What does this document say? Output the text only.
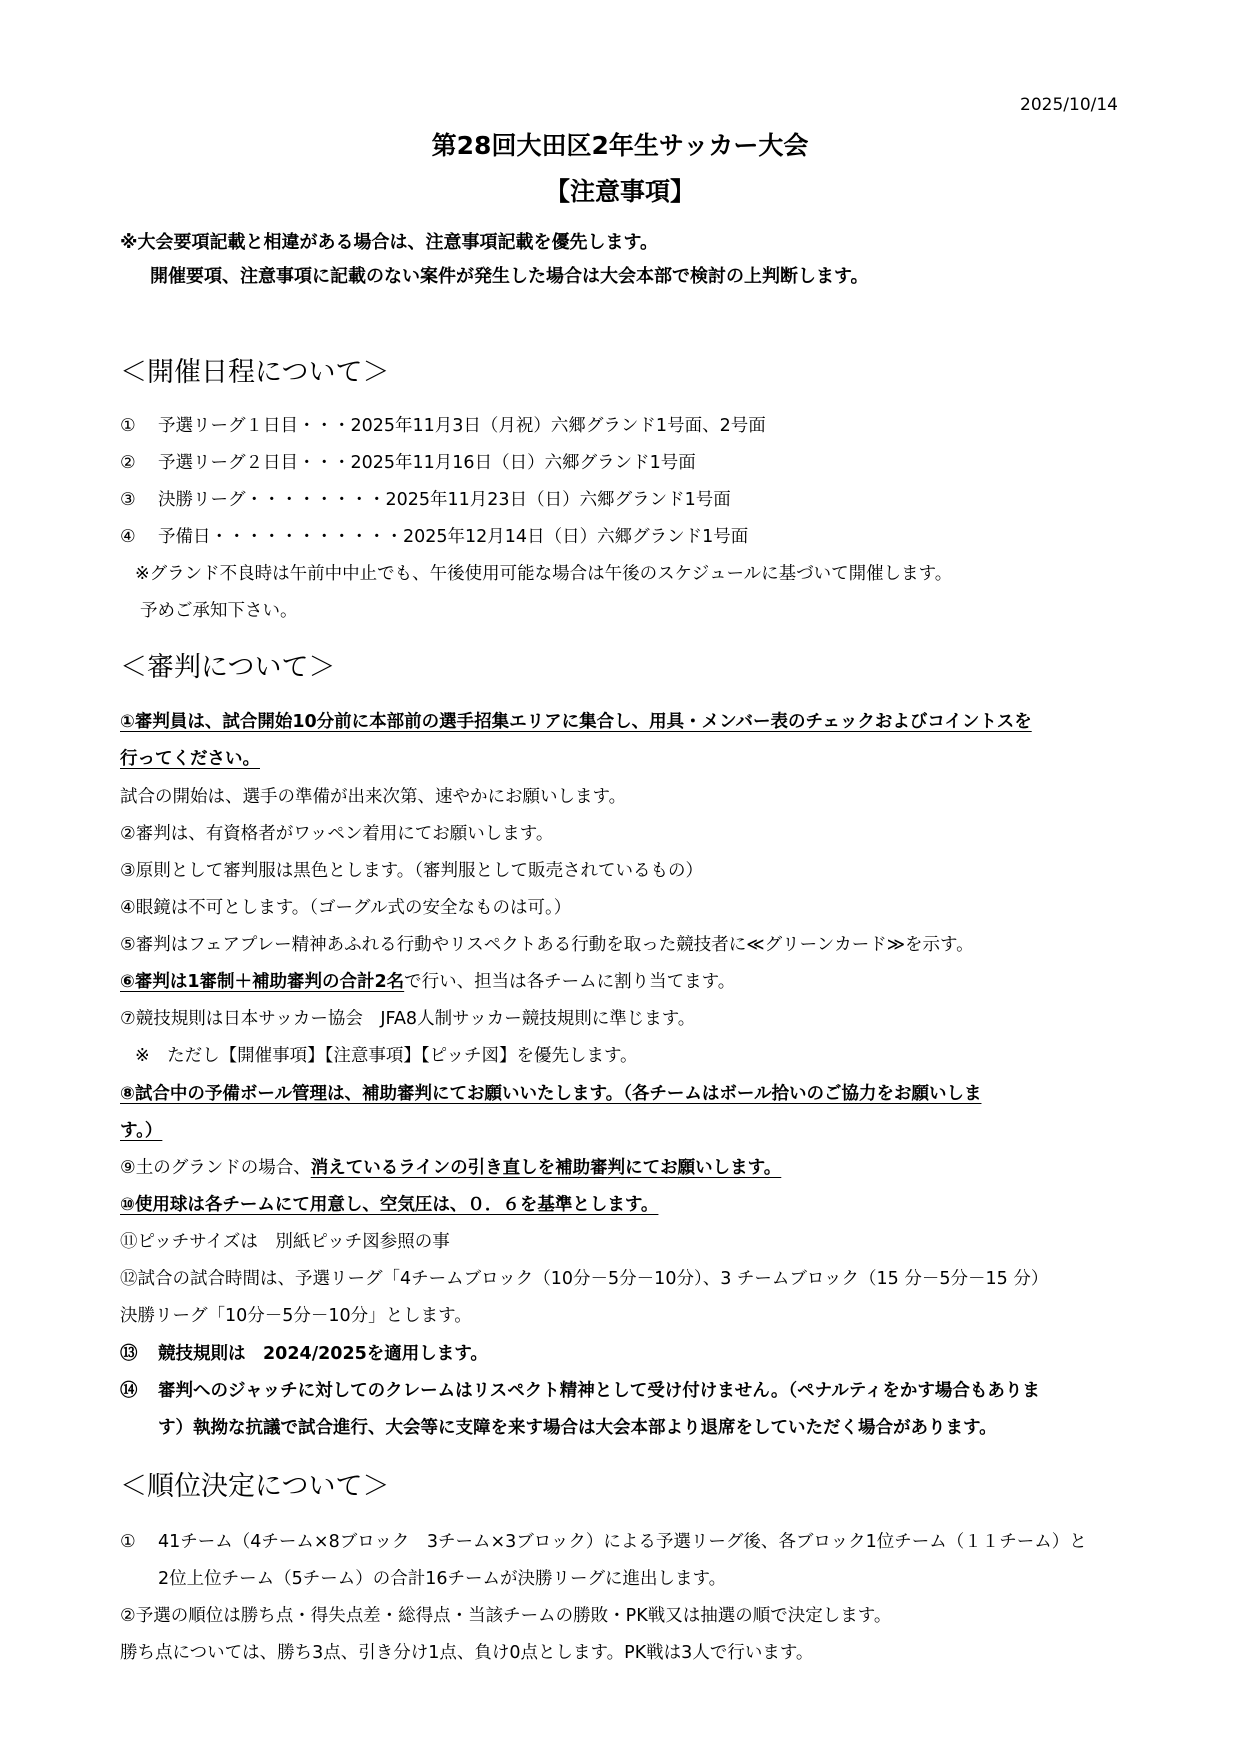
2025/10/14
第28回大田区2年生サッカー大会
【注意事項】
※大会要項記載と相違がある場合は、注意事項記載を優先します。
開催要項、注意事項に記載のない案件が発生した場合は大会本部で検討の上判断します。
＜開催日程について＞
① 予選リーグ１日目・・・2025年11月3日（月祝）六郷グランド1号面、2号面
② 予選リーグ２日目・・・2025年11月16日（日）六郷グランド1号面
③ 決勝リーグ・・・・・・・・2025年11月23日（日）六郷グランド1号面
④ 予備日・・・・・・・・・・・2025年12月14日（日）六郷グランド1号面
※グランド不良時は午前中中止でも、午後使用可能な場合は午後のスケジュールに基づいて開催します。
予めご承知下さい。
＜審判について＞
①審判員は、試合開始10分前に本部前の選手招集エリアに集合し、用具・メンバー表のチェックおよびコイントスを
行ってください。
試合の開始は、選手の準備が出来次第、速やかにお願いします。
②審判は、有資格者がワッペン着用にてお願いします。
③原則として審判服は黒色とします。（審判服として販売されているもの）
④眼鏡は不可とします。（ゴーグル式の安全なものは可。）
⑤審判はフェアプレー精神あふれる行動やリスペクトある行動を取った競技者に≪グリーンカード≫を示す。
⑥審判は1審制＋補助審判の合計2名で行い、担当は各チームに割り当てます。
⑦競技規則は日本サッカー協会　JFA8人制サッカー競技規則に準じます。
※　ただし【開催事項】【注意事項】【ピッチ図】を優先します。
⑧試合中の予備ボール管理は、補助審判にてお願いいたします。（各チームはボール拾いのご協力をお願いしま
す。）
⑨土のグランドの場合、消えているラインの引き直しを補助審判にてお願いします。
⑩使用球は各チームにて用意し、空気圧は、０．６を基準とします。
⑪ピッチサイズは　別紙ピッチ図参照の事
⑫試合の試合時間は、予選リーグ「4チームブロック（10分－5分－10分）、3 チームブロック（15 分－5分－15 分）
決勝リーグ「10分－5分－10分」とします。
⑬ 競技規則は　2024/2025を適用します。
⑭ 審判へのジャッチに対してのクレームはリスペクト精神として受け付けません。（ペナルティをかす場合もありま
す）執拗な抗議で試合進行、大会等に支障を来す場合は大会本部より退席をしていただく場合があります。
＜順位決定について＞
① 41チーム（4チーム×8ブロック　3チーム×3ブロック）による予選リーグ後、各ブロック1位チーム（１１チーム）と
2位上位チーム（5チーム）の合計16チームが決勝リーグに進出します。
②予選の順位は勝ち点・得失点差・総得点・当該チームの勝敗・PK戦又は抽選の順で決定します。
勝ち点については、勝ち3点、引き分け1点、負け0点とします。PK戦は3人で行います。
